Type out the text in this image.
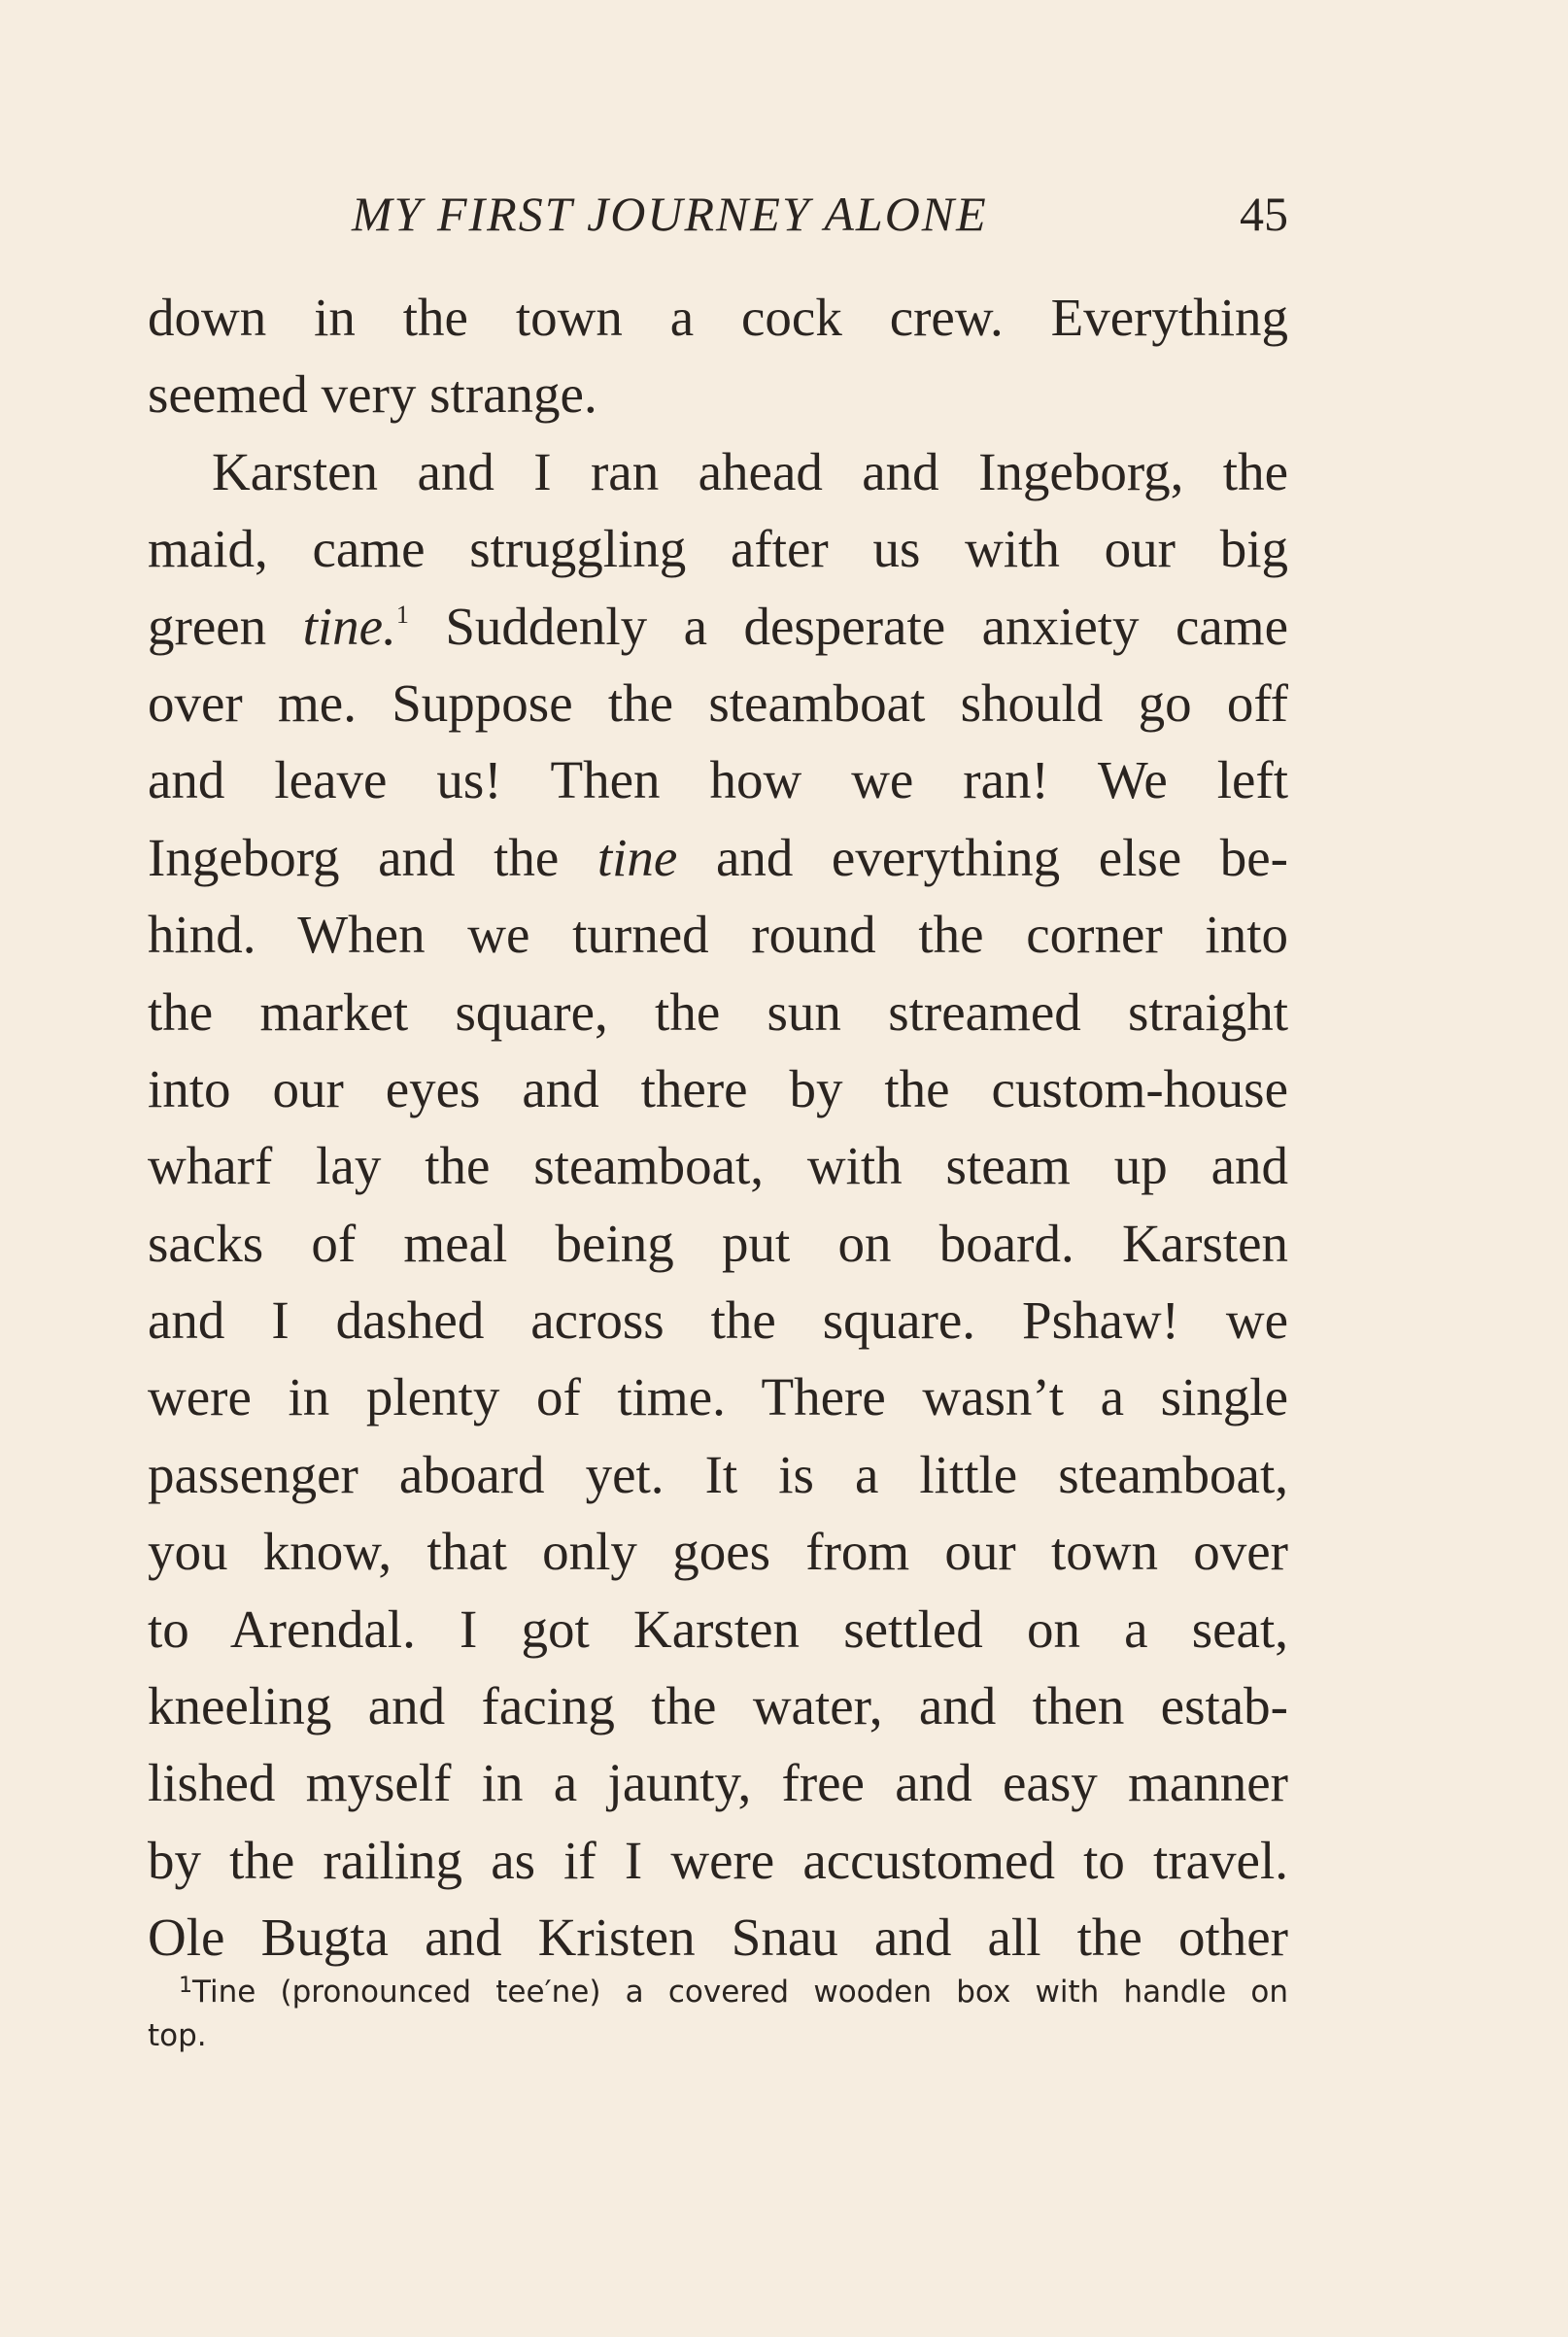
MY FIRST JOURNEY ALONE	45
down in the town a cock crew. Everything
seemed very strange.
Karsten and I ran ahead and Ingeborg, the
maid, came struggling after us with our big
green tine.$^1$ Suddenly a desperate anxiety came
over me. Suppose the steamboat should go off
and leave us! Then how we ran! We left
Ingeborg and the tine and everything else be-
hind. When we turned round the corner into
the market square, the sun streamed straight
into our eyes and there by the custom-house
wharf lay the steamboat, with steam up and
sacks of meal being put on board. Karsten
and I dashed across the square. Pshaw! we
were in plenty of time. There wasn’t a single
passenger aboard yet. It is a little steamboat,
you know, that only goes from our town over
to Arendal. I got Karsten settled on a seat,
kneeling and facing the water, and then estab-
lished myself in a jaunty, free and easy manner
by the railing as if I were accustomed to travel.
Ole Bugta and Kristen Snau and all the other
$^1$Tine (pronounced tee′ne) a covered wooden box with handle on
top.
